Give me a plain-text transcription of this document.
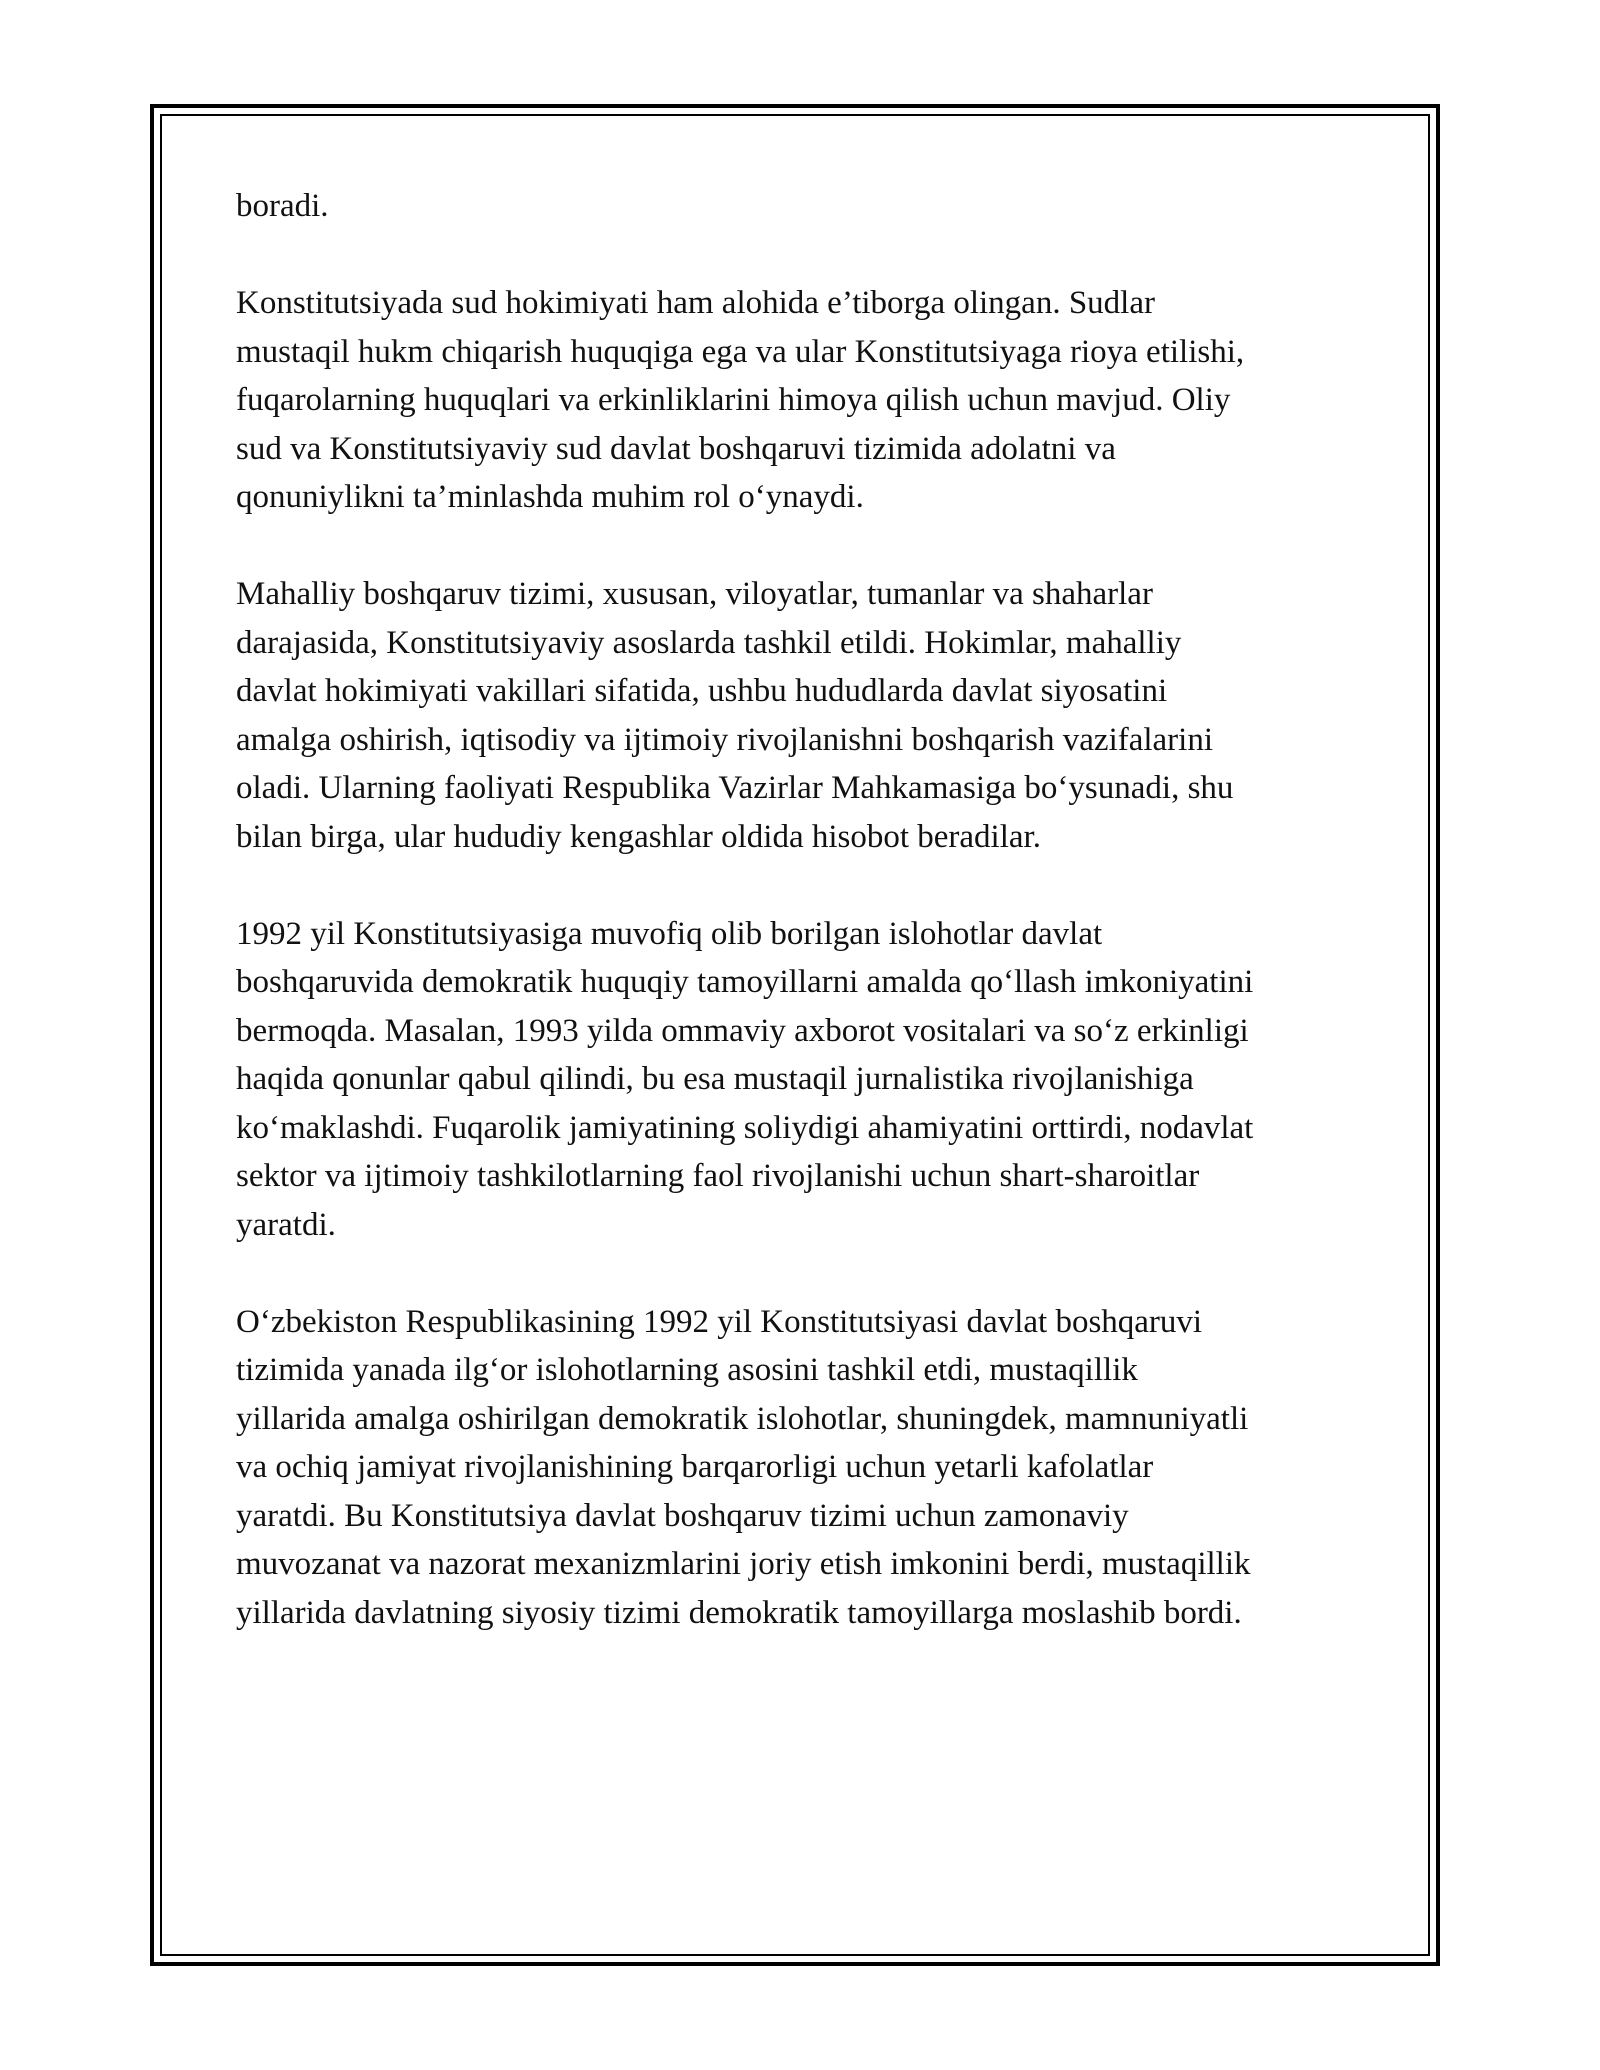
boradi.

Konstitutsiyada sud hokimiyati ham alohida e’tiborga olingan. Sudlar
mustaqil hukm chiqarish huquqiga ega va ular Konstitutsiyaga rioya etilishi,
fuqarolarning huquqlari va erkinliklarini himoya qilish uchun mavjud. Oliy
sud va Konstitutsiyaviy sud davlat boshqaruvi tizimida adolatni va
qonuniylikni ta’minlashda muhim rol o‘ynaydi.

Mahalliy boshqaruv tizimi, xususan, viloyatlar, tumanlar va shaharlar
darajasida, Konstitutsiyaviy asoslarda tashkil etildi. Hokimlar, mahalliy
davlat hokimiyati vakillari sifatida, ushbu hududlarda davlat siyosatini
amalga oshirish, iqtisodiy va ijtimoiy rivojlanishni boshqarish vazifalarini
oladi. Ularning faoliyati Respublika Vazirlar Mahkamasiga bo‘ysunadi, shu
bilan birga, ular hududiy kengashlar oldida hisobot beradilar.

1992 yil Konstitutsiyasiga muvofiq olib borilgan islohotlar davlat
boshqaruvida demokratik huquqiy tamoyillarni amalda qo‘llash imkoniyatini
bermoqda. Masalan, 1993 yilda ommaviy axborot vositalari va so‘z erkinligi
haqida qonunlar qabul qilindi, bu esa mustaqil jurnalistika rivojlanishiga
ko‘maklashdi. Fuqarolik jamiyatining soliydigi ahamiyatini orttirdi, nodavlat
sektor va ijtimoiy tashkilotlarning faol rivojlanishi uchun shart-sharoitlar
yaratdi.

O‘zbekiston Respublikasining 1992 yil Konstitutsiyasi davlat boshqaruvi
tizimida yanada ilg‘or islohotlarning asosini tashkil etdi, mustaqillik
yillarida amalga oshirilgan demokratik islohotlar, shuningdek, mamnuniyatli
va ochiq jamiyat rivojlanishining barqarorligi uchun yetarli kafolatlar
yaratdi. Bu Konstitutsiya davlat boshqaruv tizimi uchun zamonaviy
muvozanat va nazorat mexanizmlarini joriy etish imkonini berdi, mustaqillik
yillarida davlatning siyosiy tizimi demokratik tamoyillarga moslashib bordi.
